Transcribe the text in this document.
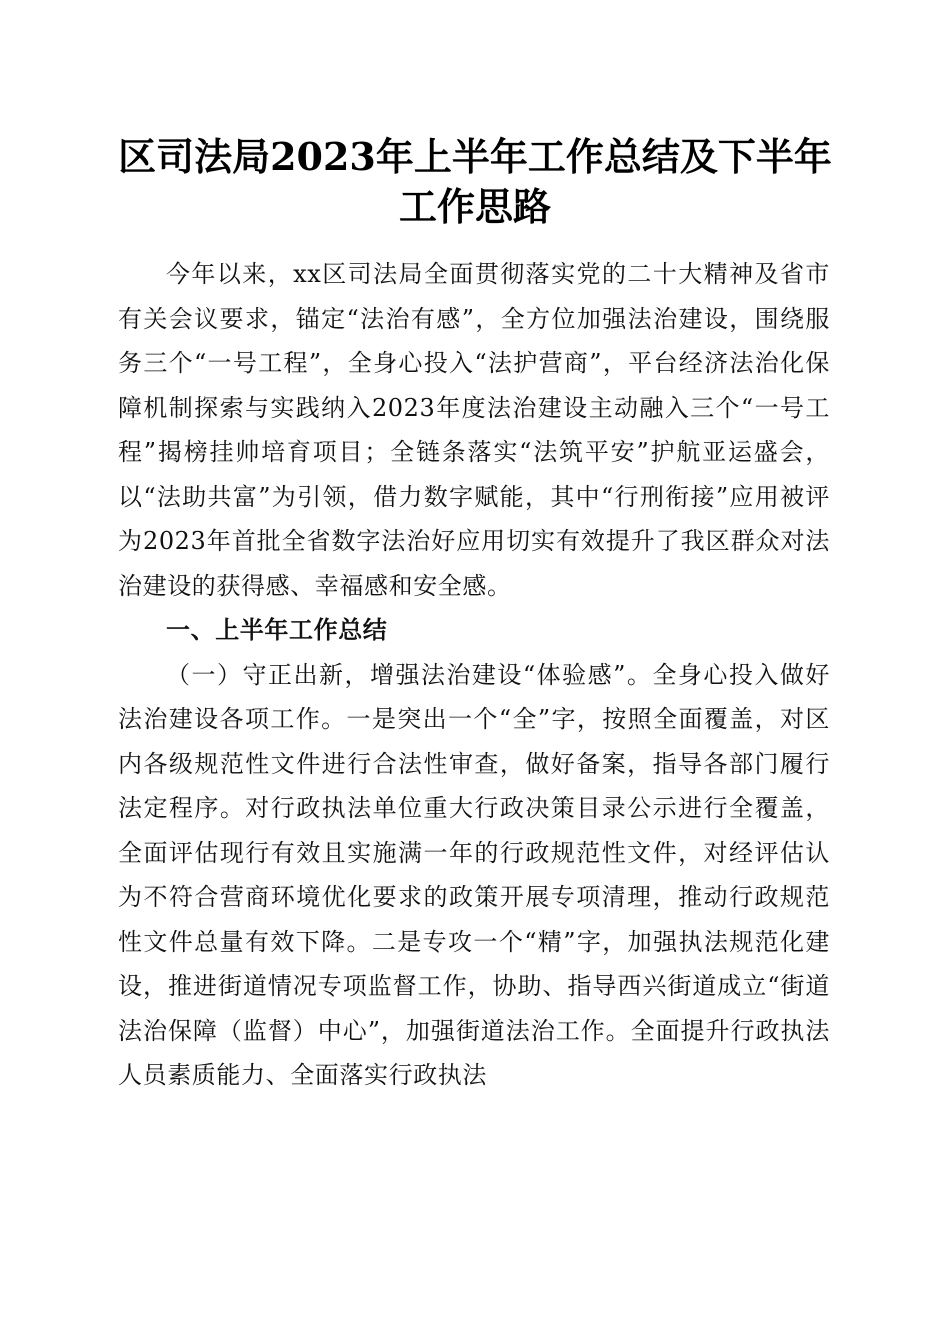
区司法局2023年上半年工作总结及下半年工作思路

今年以来，xx区司法局全面贯彻落实党的二十大精神及省市有关会议要求，锚定“法治有感”，全方位加强法治建设，围绕服务三个“一号工程”，全身心投入“法护营商”，平台经济法治化保障机制探索与实践纳入2023年度法治建设主动融入三个“一号工程”揭榜挂帅培育项目；全链条落实“法筑平安”护航亚运盛会，以“法助共富”为引领，借力数字赋能，其中“行刑衔接”应用被评为2023年首批全省数字法治好应用切实有效提升了我区群众对法治建设的获得感、幸福感和安全感。

一、上半年工作总结

（一）守正出新，增强法治建设“体验感”。全身心投入做好法治建设各项工作。一是突出一个“全”字，按照全面覆盖，对区内各级规范性文件进行合法性审查，做好备案，指导各部门履行法定程序。对行政执法单位重大行政决策目录公示进行全覆盖，全面评估现行有效且实施满一年的行政规范性文件，对经评估认为不符合营商环境优化要求的政策开展专项清理，推动行政规范性文件总量有效下降。二是专攻一个“精”字，加强执法规范化建设，推进街道情况专项监督工作，协助、指导西兴街道成立“街道法治保障（监督）中心”，加强街道法治工作。全面提升行政执法人员素质能力、全面落实行政执法
